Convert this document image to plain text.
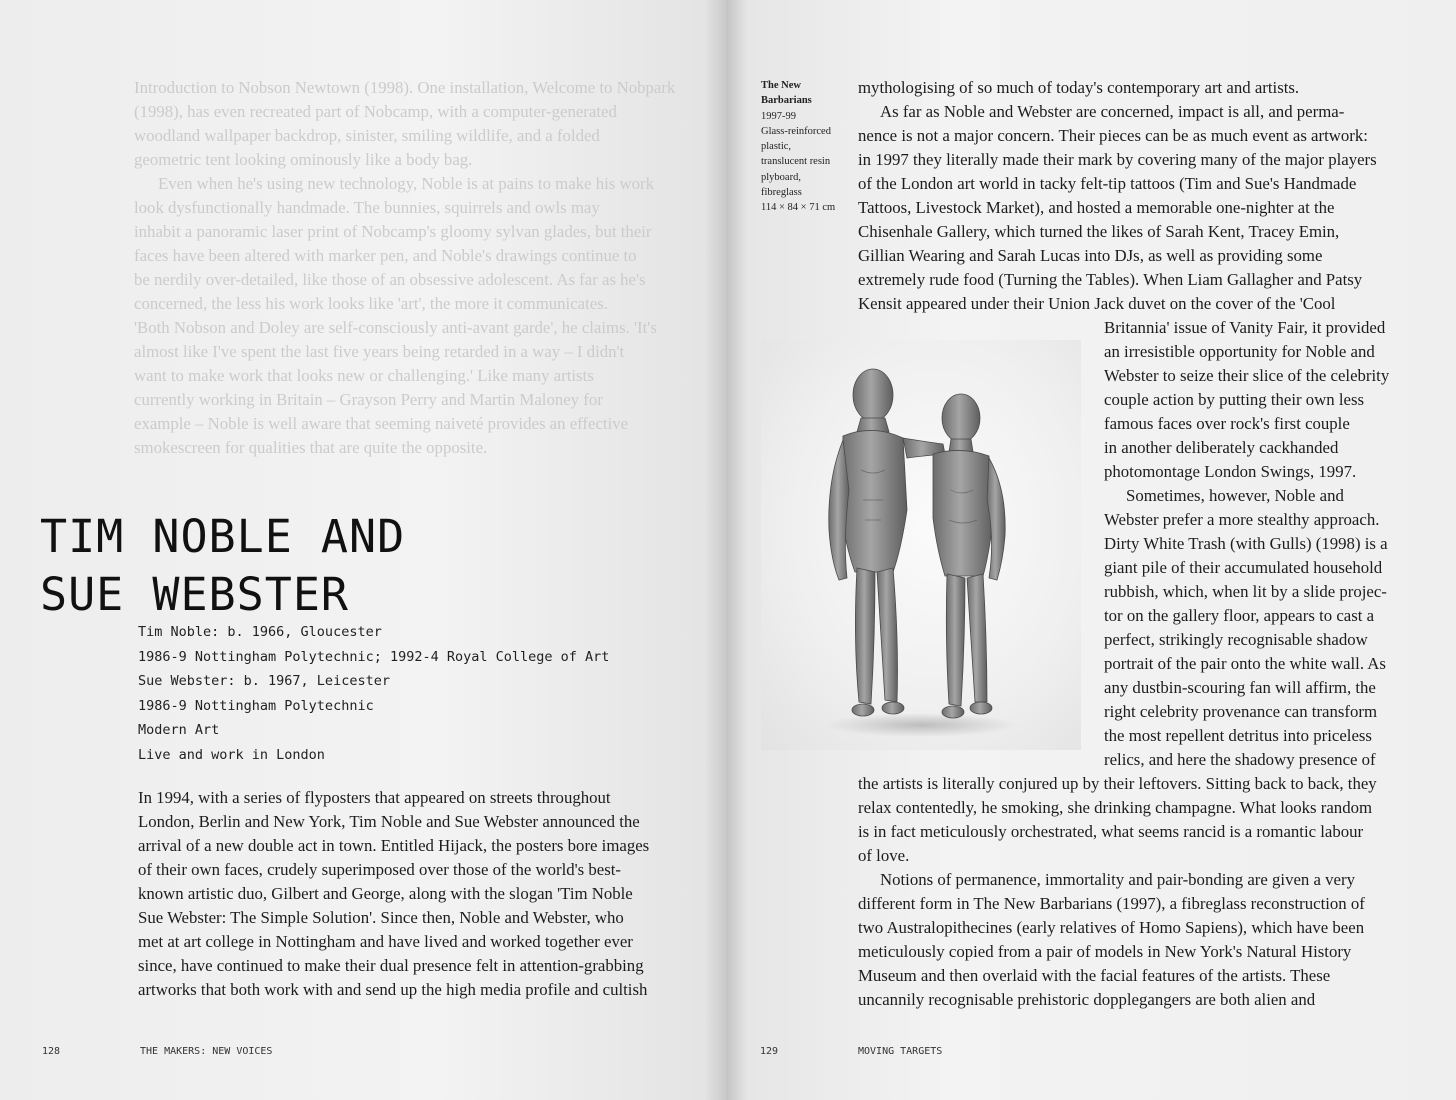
Introduction to Nobson Newtown (1998). One installation, Welcome to Nobpark
(1998), has even recreated part of Nobcamp, with a computer-generated
woodland wallpaper backdrop, sinister, smiling wildlife, and a folded
geometric tent looking ominously like a body bag.
Even when he's using new technology, Noble is at pains to make his work
look dysfunctionally handmade. The bunnies, squirrels and owls may
inhabit a panoramic laser print of Nobcamp's gloomy sylvan glades, but their
faces have been altered with marker pen, and Noble's drawings continue to
be nerdily over-detailed, like those of an obsessive adolescent. As far as he's
concerned, the less his work looks like 'art', the more it communicates.
'Both Nobson and Doley are self-consciously anti-avant garde', he claims. 'It's
almost like I've spent the last five years being retarded in a way – I didn't
want to make work that looks new or challenging.' Like many artists
currently working in Britain – Grayson Perry and Martin Maloney for
example – Noble is well aware that seeming naiveté provides an effective
smokescreen for qualities that are quite the opposite.
TIM NOBLE AND
SUE WEBSTER
Tim Noble: b. 1966, Gloucester
1986-9 Nottingham Polytechnic; 1992-4 Royal College of Art
Sue Webster: b. 1967, Leicester
1986-9 Nottingham Polytechnic
Modern Art
Live and work in London
In 1994, with a series of flyposters that appeared on streets throughout
London, Berlin and New York, Tim Noble and Sue Webster announced the
arrival of a new double act in town. Entitled Hijack, the posters bore images
of their own faces, crudely superimposed over those of the world's best-
known artistic duo, Gilbert and George, along with the slogan 'Tim Noble
Sue Webster: The Simple Solution'. Since then, Noble and Webster, who
met at art college in Nottingham and have lived and worked together ever
since, have continued to make their dual presence felt in attention-grabbing
artworks that both work with and send up the high media profile and cultish
128	THE MAKERS: NEW VOICES
The New
Barbarians
1997-99
Glass-reinforced
plastic,
translucent resin
plyboard,
fibreglass
114 × 84 × 71 cm
mythologising of so much of today's contemporary art and artists.
As far as Noble and Webster are concerned, impact is all, and perma-
nence is not a major concern. Their pieces can be as much event as artwork:
in 1997 they literally made their mark by covering many of the major players
of the London art world in tacky felt-tip tattoos (Tim and Sue's Handmade
Tattoos, Livestock Market), and hosted a memorable one-nighter at the
Chisenhale Gallery, which turned the likes of Sarah Kent, Tracey Emin,
Gillian Wearing and Sarah Lucas into DJs, as well as providing some
extremely rude food (Turning the Tables). When Liam Gallagher and Patsy
Kensit appeared under their Union Jack duvet on the cover of the 'Cool
Britannia' issue of Vanity Fair, it provided
an irresistible opportunity for Noble and
Webster to seize their slice of the celebrity
couple action by putting their own less
famous faces over rock's first couple
in another deliberately cackhanded
photomontage London Swings, 1997.
Sometimes, however, Noble and
Webster prefer a more stealthy approach.
Dirty White Trash (with Gulls) (1998) is a
giant pile of their accumulated household
rubbish, which, when lit by a slide projec-
tor on the gallery floor, appears to cast a
perfect, strikingly recognisable shadow
portrait of the pair onto the white wall. As
any dustbin-scouring fan will affirm, the
right celebrity provenance can transform
the most repellent detritus into priceless
relics, and here the shadowy presence of
the artists is literally conjured up by their leftovers. Sitting back to back, they
relax contentedly, he smoking, she drinking champagne. What looks random
is in fact meticulously orchestrated, what seems rancid is a romantic labour
of love.
Notions of permanence, immortality and pair-bonding are given a very
different form in The New Barbarians (1997), a fibreglass reconstruction of
two Australopithecines (early relatives of Homo Sapiens), which have been
meticulously copied from a pair of models in New York's Natural History
Museum and then overlaid with the facial features of the artists. These
uncannily recognisable prehistoric dopplegangers are both alien and
129	MOVING TARGETS
